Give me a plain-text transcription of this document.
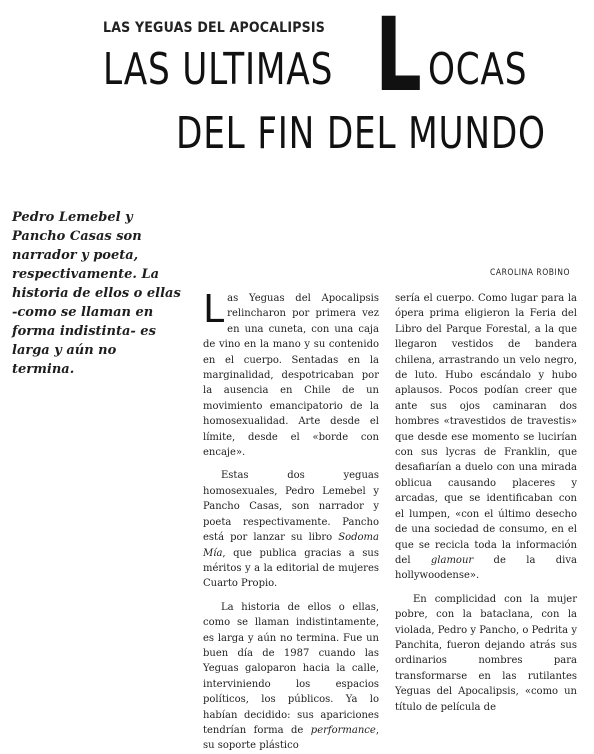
LAS YEGUAS DEL APOCALIPSIS
LAS ULTIMAS L OCAS
DEL FIN DEL MUNDO
Pedro Lemebel y Pancho Casas son narrador y poeta, respectivamente. La historia de ellos o ellas -como se llaman en forma indistinta- es larga y aún no termina.
CAROLINA ROBINO

Las Yeguas del Apocalipsis relincharon por primera vez en una cuneta, con una caja de vino en la mano y su contenido en el cuerpo. Sentadas en la marginalidad, despotricaban por la ausencia en Chile de un movimiento emancipatorio de la homosexualidad. Arte desde el límite, desde el «borde con encaje».

Estas dos yeguas homosexuales, Pedro Lemebel y Pancho Casas, son narrador y poeta respectivamente. Pancho está por lanzar su libro Sodoma Mía, que publica gracias a sus méritos y a la editorial de mujeres Cuarto Propio.

La historia de ellos o ellas, como se llaman indistintamente, es larga y aún no termina. Fue un buen día de 1987 cuando las Yeguas galoparon hacia la calle, interviniendo los espacios políticos, los públicos. Ya lo habían decidido: sus apariciones tendrían forma de performance, su soporte plástico

sería el cuerpo. Como lugar para la ópera prima eligieron la Feria del Libro del Parque Forestal, a la que llegaron vestidos de bandera chilena, arrastrando un velo negro, de luto. Hubo escándalo y hubo aplausos. Pocos podían creer que ante sus ojos caminaran dos hombres «travestidos de travestis» que desde ese momento se lucirían con sus lycras de Franklin, que desafiarían a duelo con una mirada oblicua causando placeres y arcadas, que se identificaban con el lumpen, «con el último desecho de una sociedad de consumo, en el que se recicla toda la información del glamour de la diva hollywoodense».

En complicidad con la mujer pobre, con la bataclana, con la violada, Pedro y Pancho, o Pedrita y Panchita, fueron dejando atrás sus ordinarios nombres para transformarse en las rutilantes Yeguas del Apocalipsis, «como un título de película de
